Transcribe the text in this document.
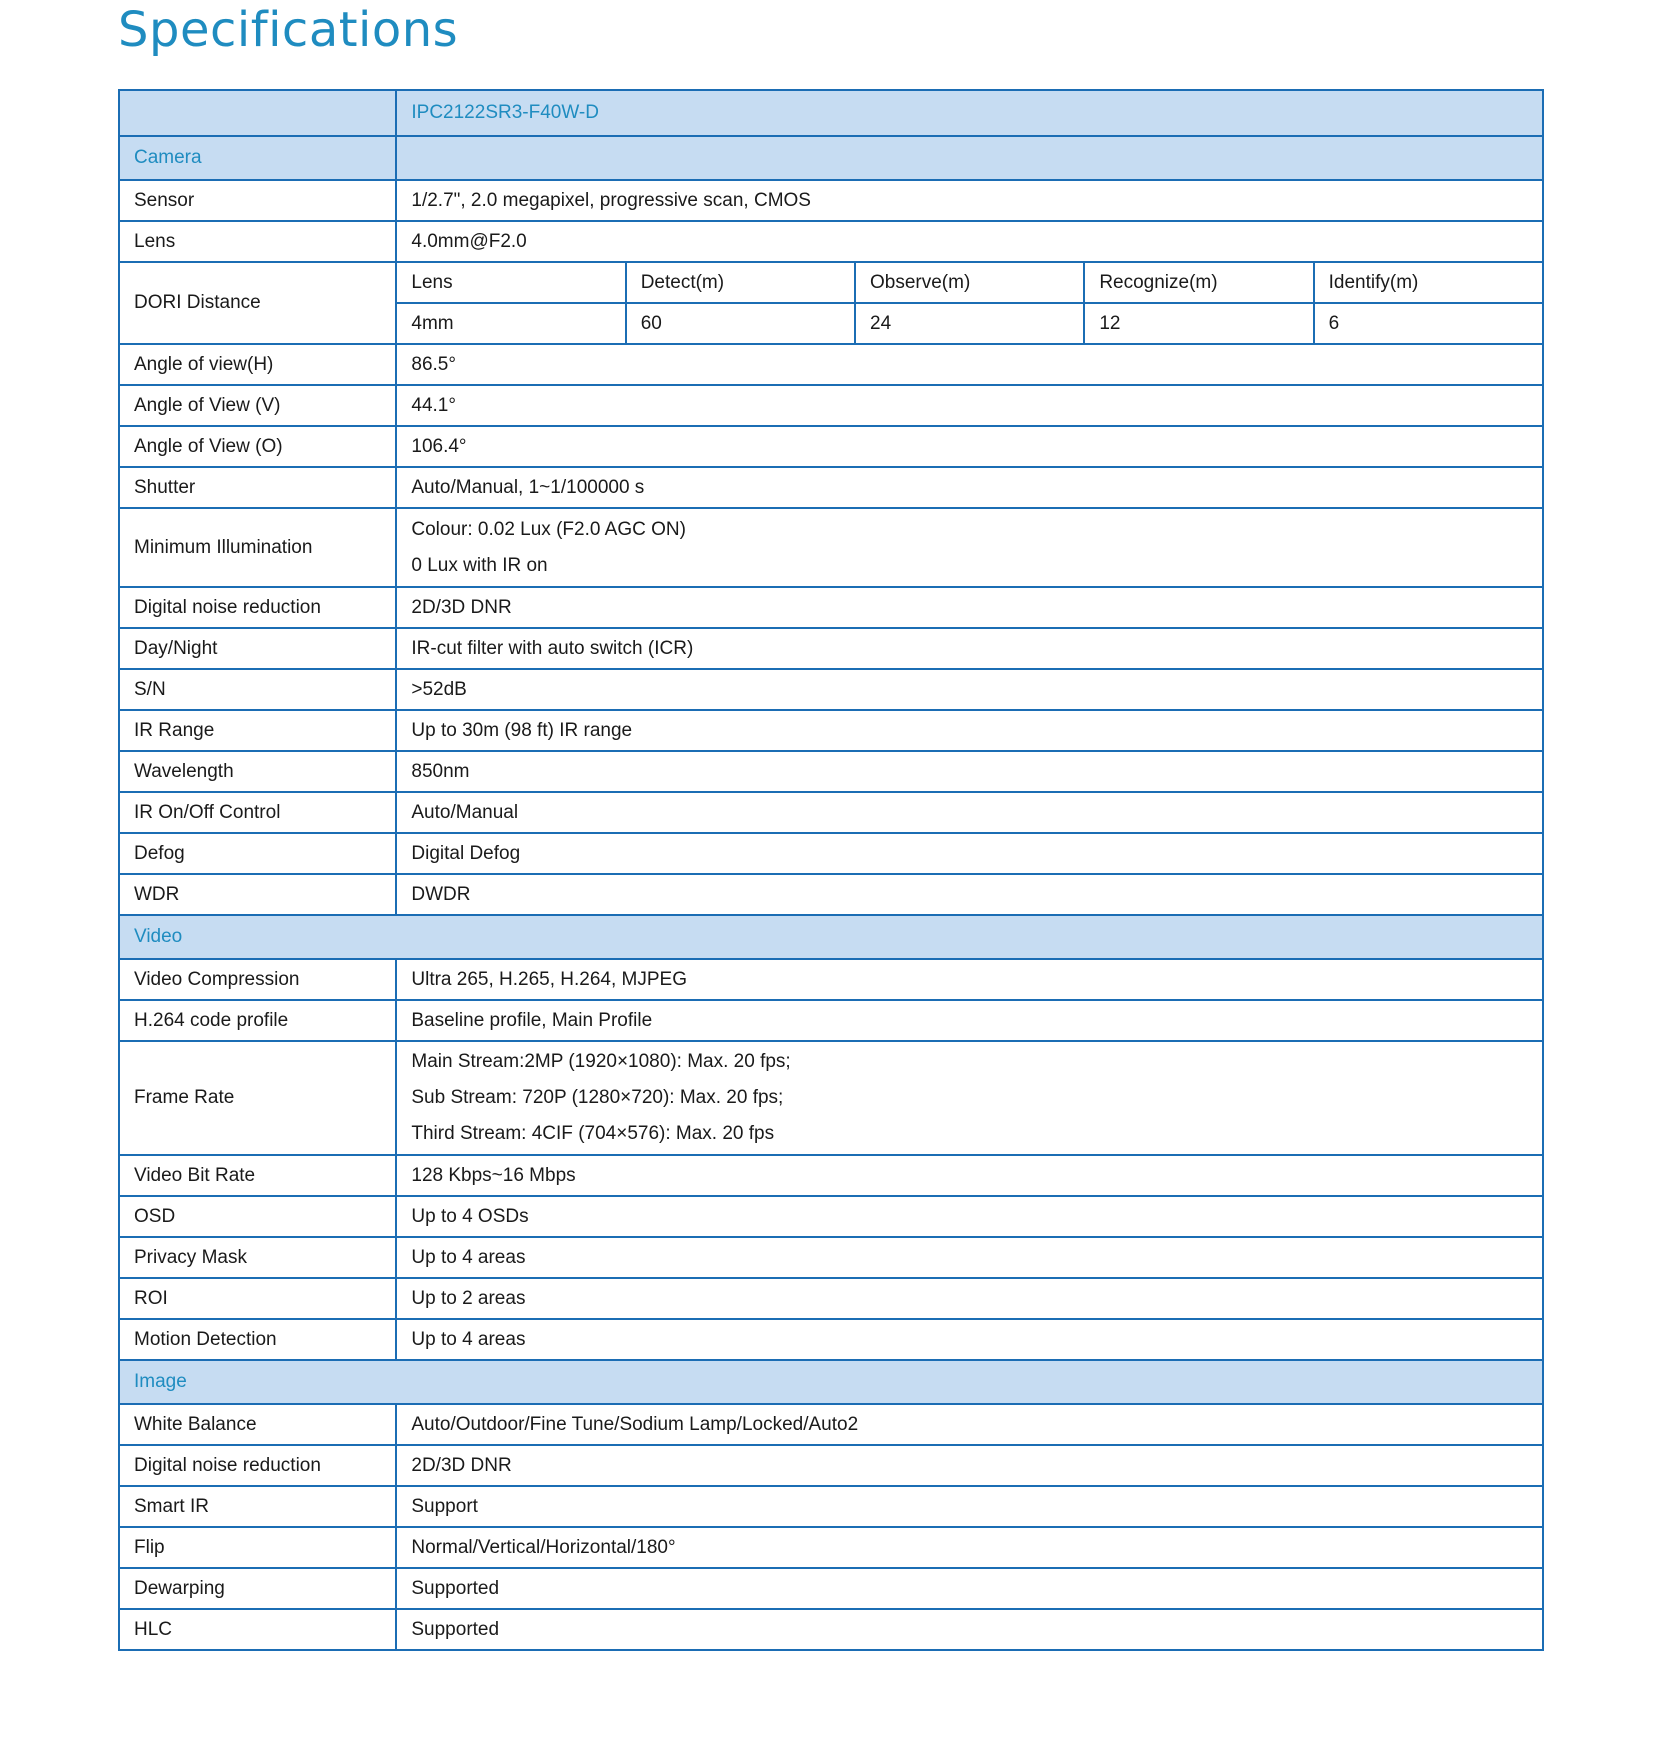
Specifications
	IPC2122SR3-F40W-D				
Camera					
Sensor	1/2.7", 2.0 megapixel, progressive scan, CMOS				
Lens	4.0mm@F2.0				
DORI Distance	Lens	Detect(m)	Observe(m)	Recognize(m)	Identify(m)
	4mm	60	24	12	6
Angle of view(H)	86.5°				
Angle of View (V)	44.1°				
Angle of View (O)	106.4°				
Shutter	Auto/Manual, 1~1/100000 s				
Minimum Illumination	Colour: 0.02 Lux (F2.0 AGC ON)
0 Lux with IR on				

Digital noise reduction	2D/3D DNR				
Day/Night	IR-cut filter with auto switch (ICR)				
S/N	>52dB				
IR Range	Up to 30m (98 ft) IR range				
Wavelength	850nm				
IR On/Off Control	Auto/Manual				
Defog	Digital Defog				
WDR	DWDR				
Video					
Video Compression	Ultra 265, H.265, H.264, MJPEG				
H.264 code profile	Baseline profile, Main Profile				
Frame Rate	Main Stream:2MP (1920×1080): Max. 20 fps;
Sub Stream: 720P (1280×720): Max. 20 fps;
Third Stream: 4CIF (704×576): Max. 20 fps				

Video Bit Rate	128 Kbps~16 Mbps				
OSD	Up to 4 OSDs				
Privacy Mask	Up to 4 areas				
ROI	Up to 2 areas				
Motion Detection	Up to 4 areas				
Image					
White Balance	Auto/Outdoor/Fine Tune/Sodium Lamp/Locked/Auto2				
Digital noise reduction	2D/3D DNR				
Smart IR	Support				
Flip	Normal/Vertical/Horizontal/180°				
Dewarping	Supported				
HLC	Supported				
